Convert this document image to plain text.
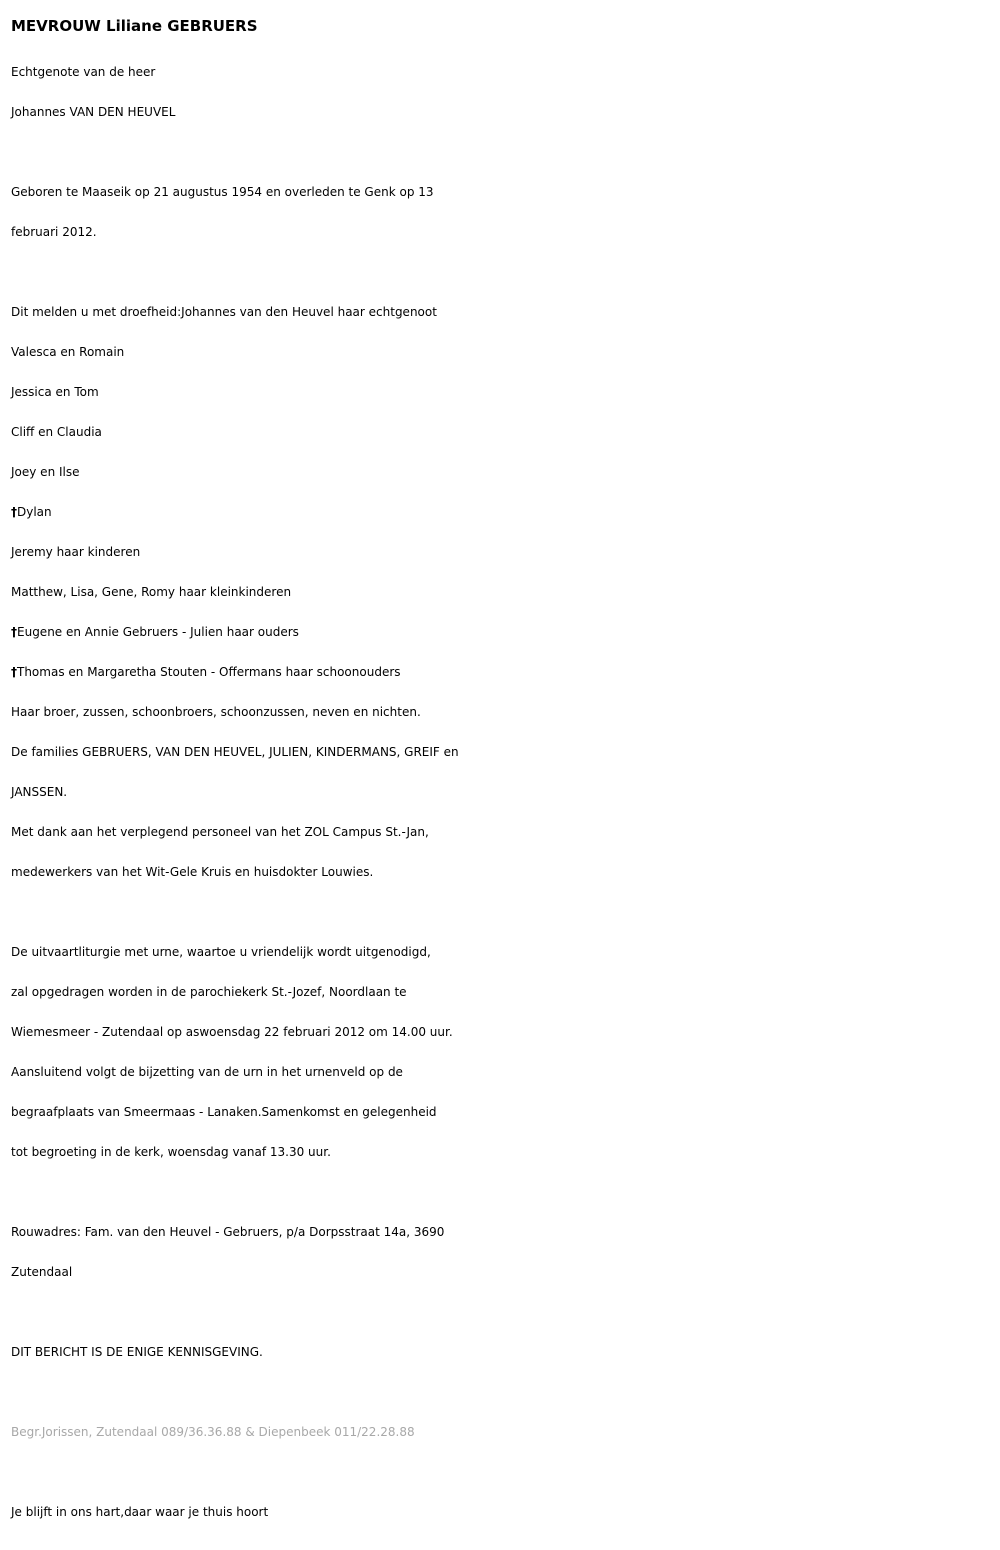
MEVROUW Liliane GEBRUERS

Echtgenote van de heer

Johannes VAN DEN HEUVEL

Geboren te Maaseik op 21 augustus 1954 en overleden te Genk op 13

februari 2012.

Dit melden u met droefheid:Johannes van den Heuvel haar echtgenoot

Valesca en Romain

Jessica en Tom

Cliff en Claudia

Joey en Ilse

†Dylan

Jeremy haar kinderen

Matthew, Lisa, Gene, Romy haar kleinkinderen

†Eugene en Annie Gebruers - Julien haar ouders

†Thomas en Margaretha Stouten - Offermans haar schoonouders

Haar broer, zussen, schoonbroers, schoonzussen, neven en nichten.

De families GEBRUERS, VAN DEN HEUVEL, JULIEN, KINDERMANS, GREIF en

JANSSEN.

Met dank aan het verplegend personeel van het ZOL Campus St.-Jan,

medewerkers van het Wit-Gele Kruis en huisdokter Louwies.

De uitvaartliturgie met urne, waartoe u vriendelijk wordt uitgenodigd,

zal opgedragen worden in de parochiekerk St.-Jozef, Noordlaan te

Wiemesmeer - Zutendaal op aswoensdag 22 februari 2012 om 14.00 uur.

Aansluitend volgt de bijzetting van de urn in het urnenveld op de

begraafplaats van Smeermaas - Lanaken.Samenkomst en gelegenheid

tot begroeting in de kerk, woensdag vanaf 13.30 uur.

Rouwadres: Fam. van den Heuvel - Gebruers, p/a Dorpsstraat 14a, 3690

Zutendaal

DIT BERICHT IS DE ENIGE KENNISGEVING.

Begr.Jorissen, Zutendaal 089/36.36.88 & Diepenbeek 011/22.28.88

Je blijft in ons hart,daar waar je thuis hoort
